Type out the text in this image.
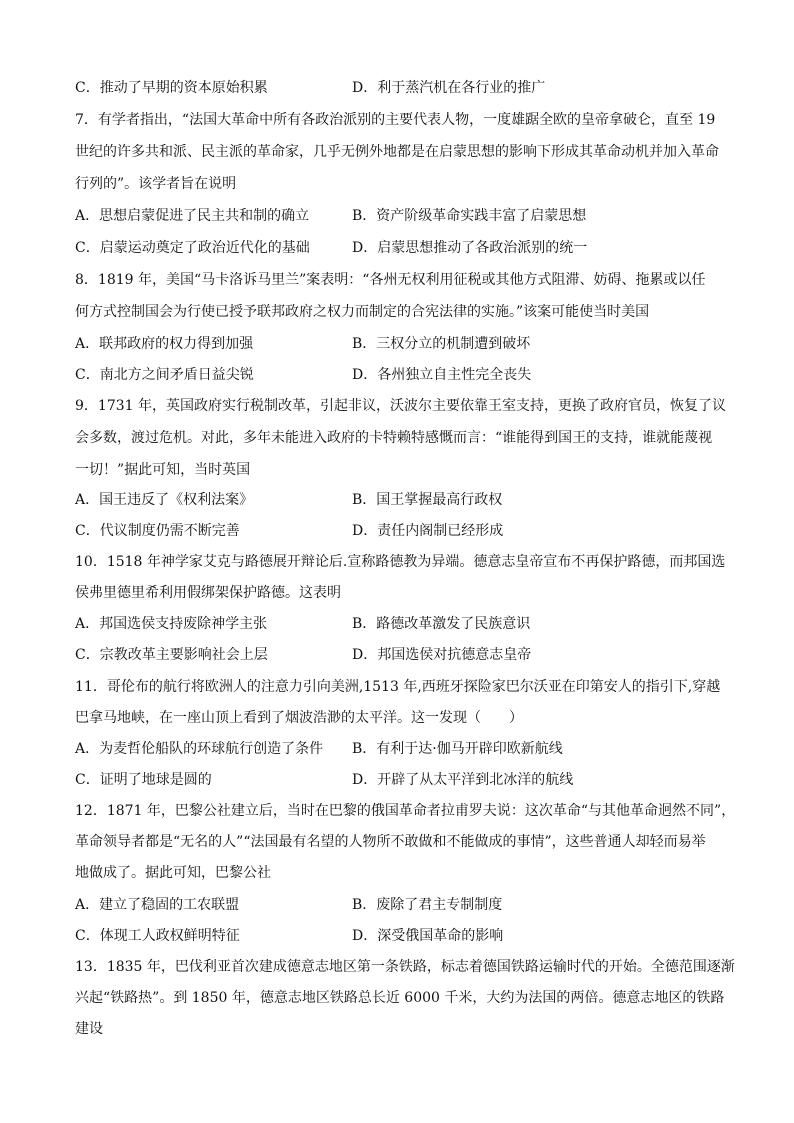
C．推动了早期的资本原始积累	D．利于蒸汽机在各行业的推广
7．有学者指出，“法国大革命中所有各政治派别的主要代表人物，一度雄踞全欧的皇帝拿破仑，直至 19
世纪的许多共和派、民主派的革命家，几乎无例外地都是在启蒙思想的影响下形成其革命动机并加入革命
行列的”。该学者旨在说明
A．思想启蒙促进了民主共和制的确立	B．资产阶级革命实践丰富了启蒙思想
C．启蒙运动奠定了政治近代化的基础	D．启蒙思想推动了各政治派别的统一
8．1819 年，美国“马卡洛诉马里兰”案表明：“各州无权利用征税或其他方式阻滞、妨碍、拖累或以任
何方式控制国会为行使已授予联邦政府之权力而制定的合宪法律的实施。”该案可能使当时美国
A．联邦政府的权力得到加强	B．三权分立的机制遭到破坏
C．南北方之间矛盾日益尖锐	D．各州独立自主性完全丧失
9．1731 年，英国政府实行税制改革，引起非议，沃波尔主要依靠王室支持，更换了政府官员，恢复了议
会多数，渡过危机。对此，多年未能进入政府的卡特赖特感慨而言：“谁能得到国王的支持，谁就能蔑视
一切！”据此可知，当时英国
A．国王违反了《权利法案》	B．国王掌握最高行政权
C．代议制度仍需不断完善	D．责任内阁制已经形成
10．1518 年神学家艾克与路德展开辩论后.宣称路德教为异端。德意志皇帝宣布不再保护路德，而邦国选
侯弗里德里希利用假绑架保护路德。这表明
A．邦国选侯支持废除神学主张	B．路德改革激发了民族意识
C．宗教改革主要影响社会上层	D．邦国选侯对抗德意志皇帝
11．哥伦布的航行将欧洲人的注意力引向美洲,1513 年,西班牙探险家巴尔沃亚在印第安人的指引下,穿越
巴拿马地峡，在一座山顶上看到了烟波浩渺的太平洋。这一发现（　　）
A．为麦哲伦船队的环球航行创造了条件 B．有利于达·伽马开辟印欧新航线
C．证明了地球是圆的	D．开辟了从太平洋到北冰洋的航线
12．1871 年，巴黎公社建立后，当时在巴黎的俄国革命者拉甫罗夫说：这次革命“与其他革命迥然不同”，
革命领导者都是“无名的人”“法国最有名望的人物所不敢做和不能做成的事情”，这些普通人却轻而易举
地做成了。据此可知，巴黎公社
A．建立了稳固的工农联盟	B．废除了君主专制制度
C．体现工人政权鲜明特征	D．深受俄国革命的影响
13．1835 年，巴伐利亚首次建成德意志地区第一条铁路，标志着德国铁路运输时代的开始。全德范围逐渐
兴起“铁路热”。到 1850 年，德意志地区铁路总长近 6000 千米，大约为法国的两倍。德意志地区的铁路
建设
